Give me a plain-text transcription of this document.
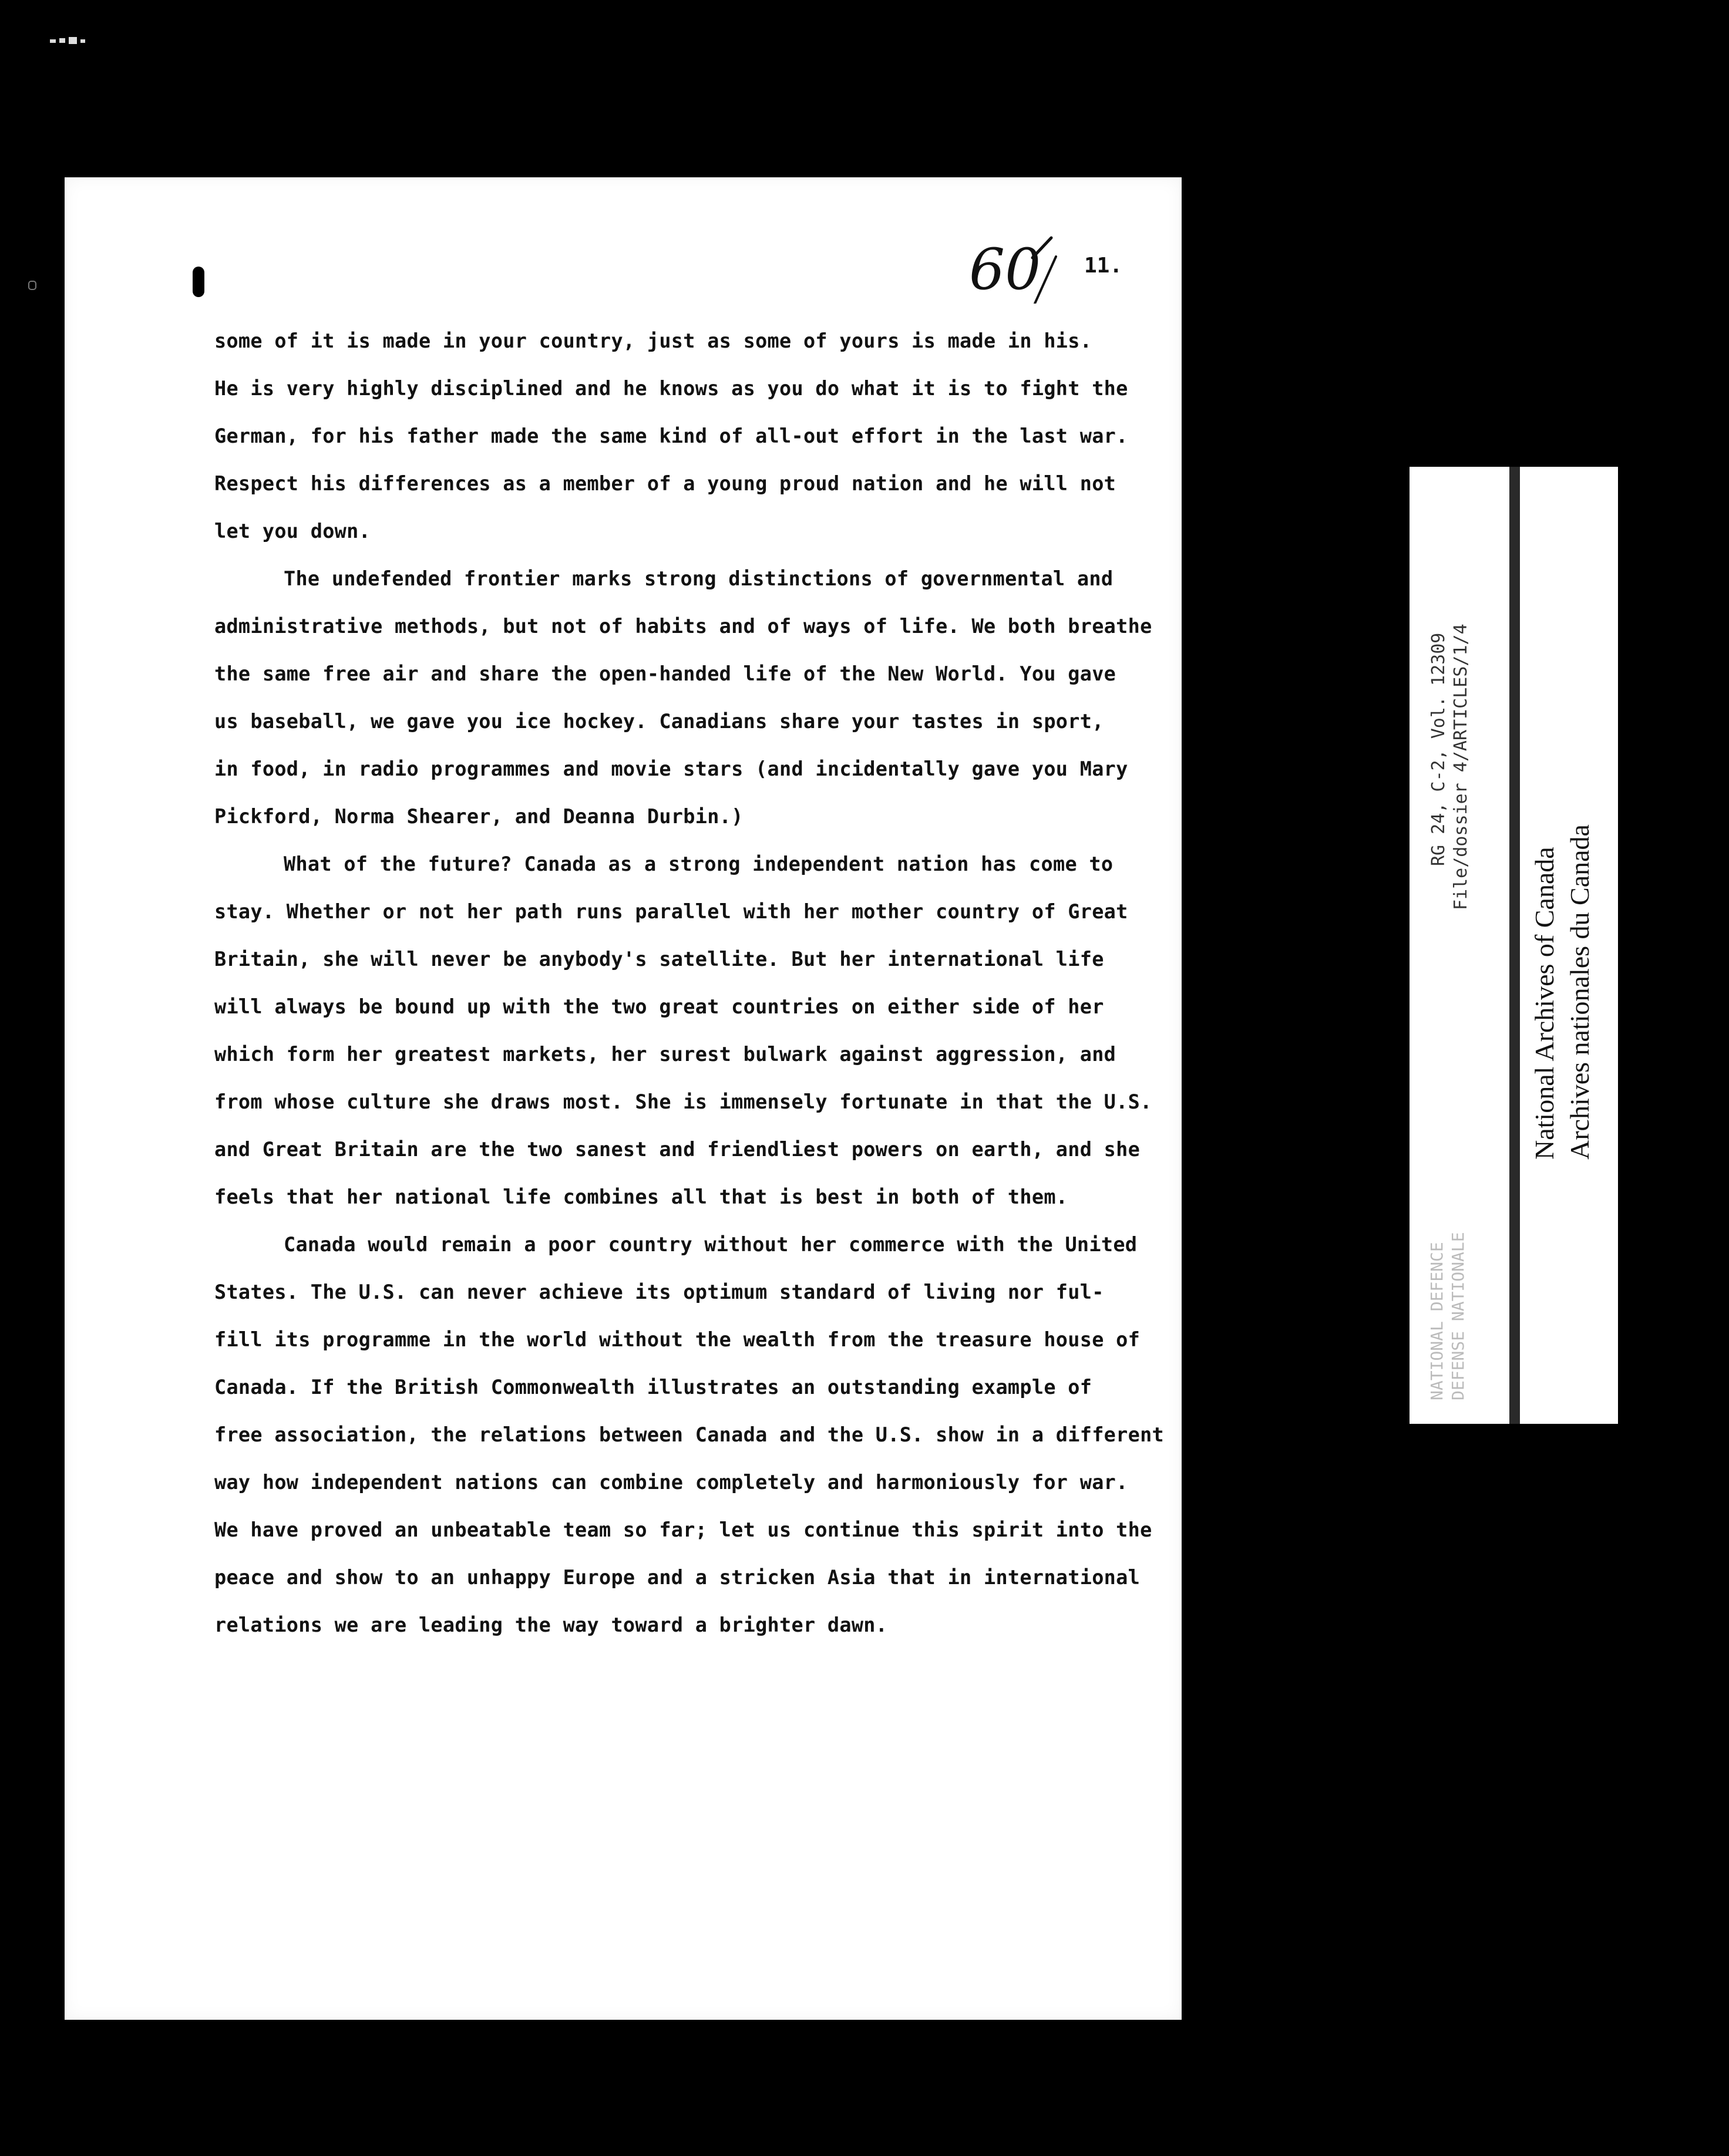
60 11.

some of it is made in your country, just as some of yours is made in his.
He is very highly disciplined and he knows as you do what it is to fight the
German, for his father made the same kind of all-out effort in the last war.
Respect his differences as a member of a young proud nation and he will not
let you down.

The undefended frontier marks strong distinctions of governmental and
administrative methods, but not of habits and of ways of life. We both breathe
the same free air and share the open-handed life of the New World. You gave
us baseball, we gave you ice hockey. Canadians share your tastes in sport,
in food, in radio programmes and movie stars (and incidentally gave you Mary
Pickford, Norma Shearer, and Deanna Durbin.)

What of the future? Canada as a strong independent nation has come to
stay. Whether or not her path runs parallel with her mother country of Great
Britain, she will never be anybody's satellite. But her international life
will always be bound up with the two great countries on either side of her
which form her greatest markets, her surest bulwark against aggression, and
from whose culture she draws most. She is immensely fortunate in that the U.S.
and Great Britain are the two sanest and friendliest powers on earth, and she
feels that her national life combines all that is best in both of them.

Canada would remain a poor country without her commerce with the United
States. The U.S. can never achieve its optimum standard of living nor ful-
fill its programme in the world without the wealth from the treasure house of
Canada. If the British Commonwealth illustrates an outstanding example of
free association, the relations between Canada and the U.S. show in a different
way how independent nations can combine completely and harmoniously for war.
We have proved an unbeatable team so far; let us continue this spirit into the
peace and show to an unhappy Europe and a stricken Asia that in international
relations we are leading the way toward a brighter dawn.

NATIONAL DEFENCE DEFENSE NATIONALE
RG 24, C-2, Vol. 12309 File/dossier 4/ARTICLES/1/4
National Archives of Canada Archives nationales du Canada
